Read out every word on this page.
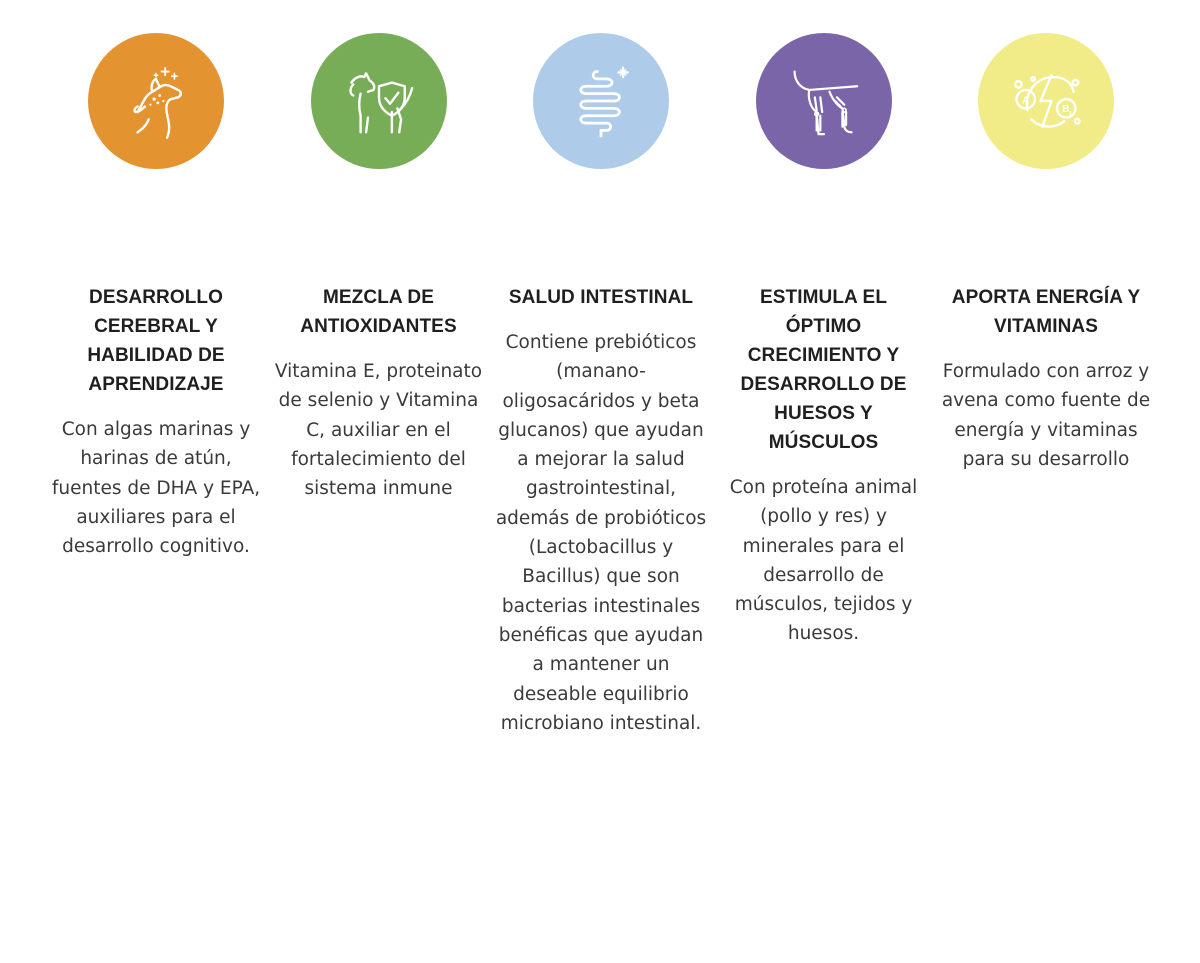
DESARROLLO CEREBRAL Y HABILIDAD DE APRENDIZAJE
Con algas marinas y harinas de atún, fuentes de DHA y EPA, auxiliares para el desarrollo cognitivo.
MEZCLA DE ANTIOXIDANTES
Vitamina E, proteinato de selenio y Vitamina C, auxiliar en el fortalecimiento del sistema inmune
SALUD INTESTINAL
Contiene prebióticos (manano-oligosacáridos y beta glucanos) que ayudan a mejorar la salud gastrointestinal, además de probióticos (Lactobacillus y Bacillus) que son bacterias intestinales benéficas que ayudan a mantener un deseable equilibrio microbiano intestinal.
ESTIMULA EL ÓPTIMO CRECIMIENTO Y DESARROLLO DE HUESOS Y MÚSCULOS
Con proteína animal (pollo y res) y minerales para el desarrollo de músculos, tejidos y huesos.
A
B 1
APORTA ENERGÍA Y VITAMINAS
Formulado con arroz y avena como fuente de energía y vitaminas para su desarrollo
